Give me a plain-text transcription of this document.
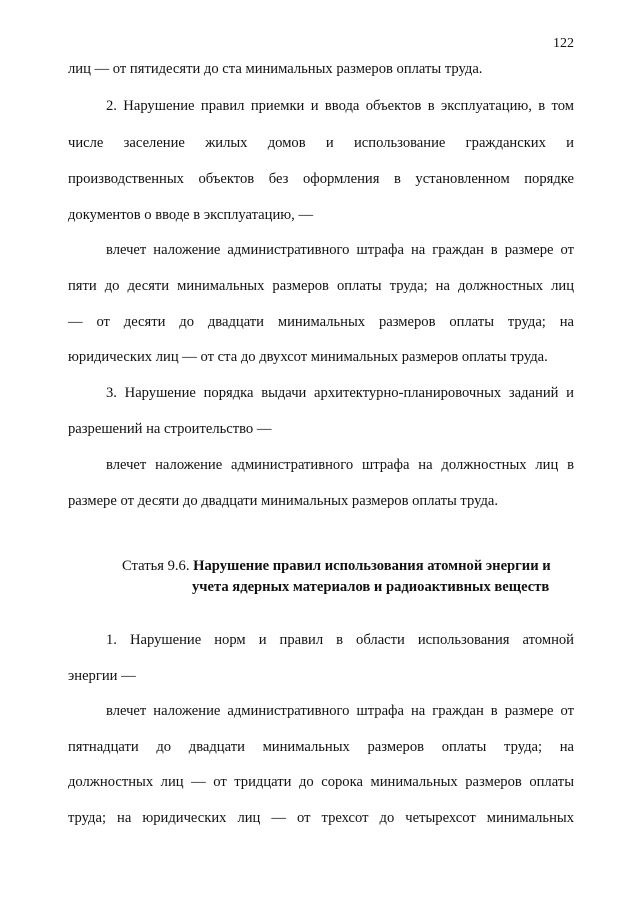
122
лиц — от пятидесяти до ста минимальных размеров оплаты труда.
2. Нарушение правил приемки и ввода объектов в эксплуатацию, в том
числе заселение жилых домов и использование гражданских и
производственных объектов без оформления в установленном порядке
документов о вводе в эксплуатацию, —
влечет наложение административного штрафа на граждан в размере от
пяти до десяти минимальных размеров оплаты труда; на должностных лиц
— от десяти до двадцати минимальных размеров оплаты труда; на
юридических лиц — от ста до двухсот минимальных размеров оплаты труда.
3. Нарушение порядка выдачи архитектурно-планировочных заданий и
разрешений на строительство —
влечет наложение административного штрафа на должностных лиц в
размере от десяти до двадцати минимальных размеров оплаты труда.
Статья 9.6. Нарушение правил использования атомной энергии и
учета ядерных материалов и радиоактивных веществ
1. Нарушение норм и правил в области использования атомной
энергии —
влечет наложение административного штрафа на граждан в размере от
пятнадцати до двадцати минимальных размеров оплаты труда; на
должностных лиц — от тридцати до сорока минимальных размеров оплаты
труда; на юридических лиц — от трехсот до четырехсот минимальных
